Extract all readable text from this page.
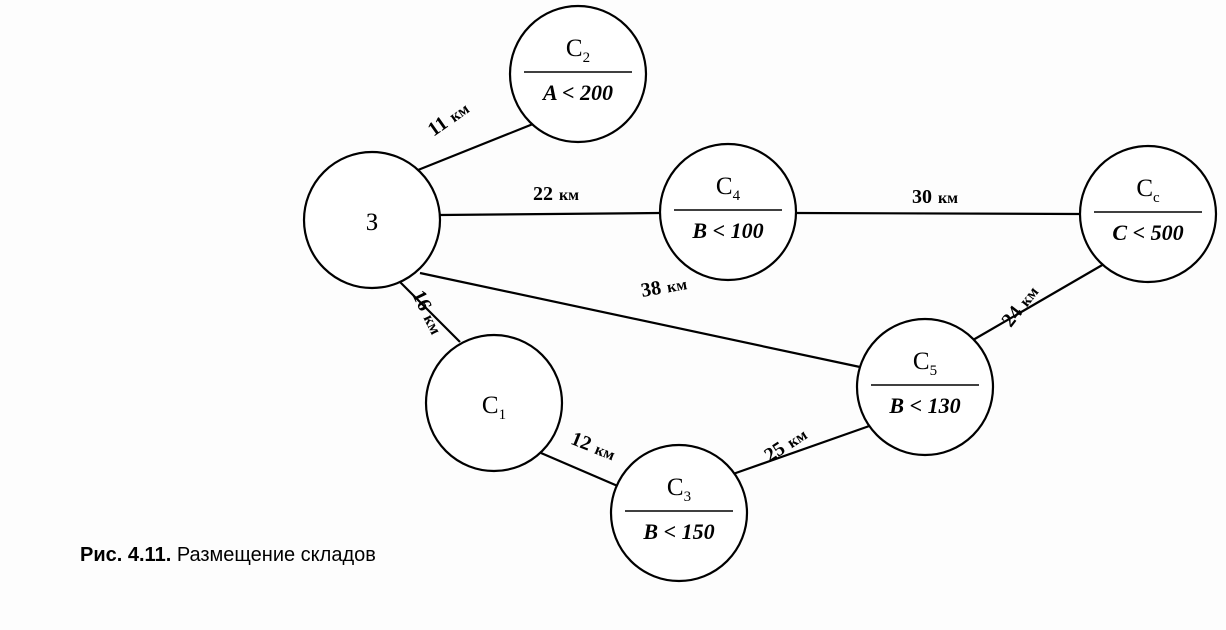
З
C2
A < 200
C4
B < 100
Cc
C < 500
C5
B < 130
C1
C3
B < 150
11км
22 км	30 км
16км
38 км
24км
12км	25км
Рис. 4.11. Размещение складов
